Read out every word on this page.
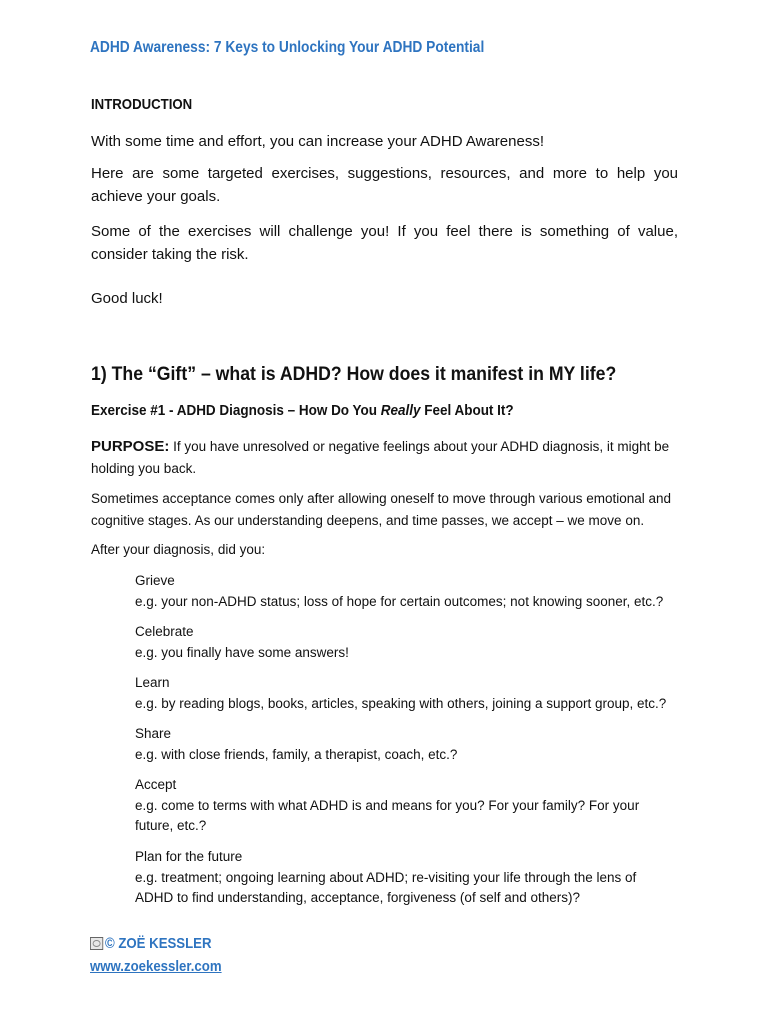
ADHD Awareness: 7 Keys to Unlocking Your ADHD Potential
INTRODUCTION
With some time and effort, you can increase your ADHD Awareness!
Here are some targeted exercises, suggestions, resources, and more to help you achieve your goals.
Some of the exercises will challenge you! If you feel there is something of value, consider taking the risk.
Good luck!
1) The “Gift” – what is ADHD? How does it manifest in MY life?
Exercise #1 - ADHD Diagnosis – How Do You Really Feel About It?
PURPOSE: If you have unresolved or negative feelings about your ADHD diagnosis, it might be holding you back.
Sometimes acceptance comes only after allowing oneself to move through various emotional and cognitive stages. As our understanding deepens, and time passes, we accept – we move on.
After your diagnosis, did you:
Grieve
e.g. your non-ADHD status; loss of hope for certain outcomes; not knowing sooner, etc.?
Celebrate
e.g. you finally have some answers!
Learn
e.g. by reading blogs, books, articles, speaking with others, joining a support group, etc.?
Share
e.g. with close friends, family, a therapist, coach, etc.?
Accept
e.g. come to terms with what ADHD is and means for you? For your family? For your future, etc.?
Plan for the future
e.g. treatment; ongoing learning about ADHD; re-visiting your life through the lens of ADHD to find understanding, acceptance, forgiveness (of self and others)?
© ZOË KESSLER
www.zoekessler.com
